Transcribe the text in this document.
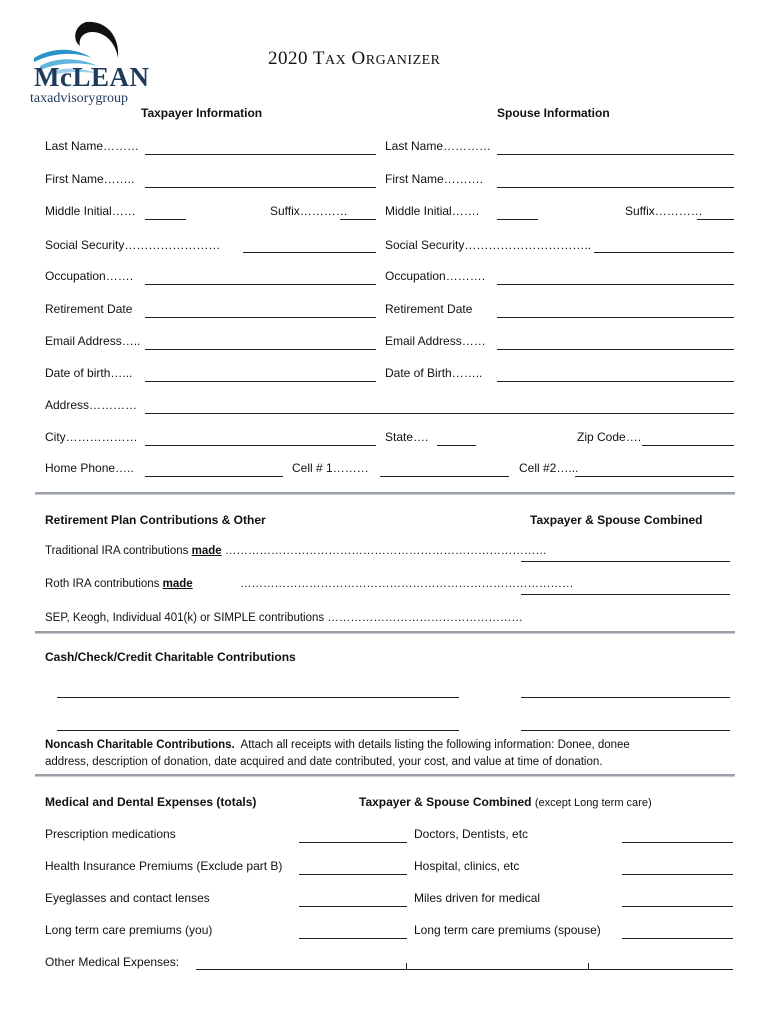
McLEAN
taxadvisorygroup
2020 TAX ORGANIZER
Taxpayer Information	Spouse Information
Last Name………	Last Name…………
First Name……..	First Name……….
Middle Initial……	Suffix…………	Middle Initial…….	Suffix…………
Social Security……………………	Social Security…………………………..
Occupation…….	Occupation……….
Retirement Date	Retirement Date
Email Address…..	Email Address……
Date of birth…...	Date of Birth……..
Address…………
City………………	State….	Zip Code….
Home Phone…..	Cell # 1………	Cell #2…...
Retirement Plan Contributions & Other	Taxpayer & Spouse Combined
Traditional IRA contributions made …………………………………………………………………………
Roth IRA contributions made	……………………………………………………………………………
SEP, Keogh, Individual 401(k) or SIMPLE contributions ……………………………………………
Cash/Check/Credit Charitable Contributions
Noncash Charitable Contributions. Attach all receipts with details listing the following information: Donee, donee
address, description of donation, date acquired and date contributed, your cost, and value at time of donation.
Medical and Dental Expenses (totals)	Taxpayer & Spouse Combined (except Long term care)
Prescription medications	Doctors, Dentists, etc
Health Insurance Premiums (Exclude part B)	Hospital, clinics, etc
Eyeglasses and contact lenses	Miles driven for medical
Long term care premiums (you)	Long term care premiums (spouse)
Other Medical Expenses:
